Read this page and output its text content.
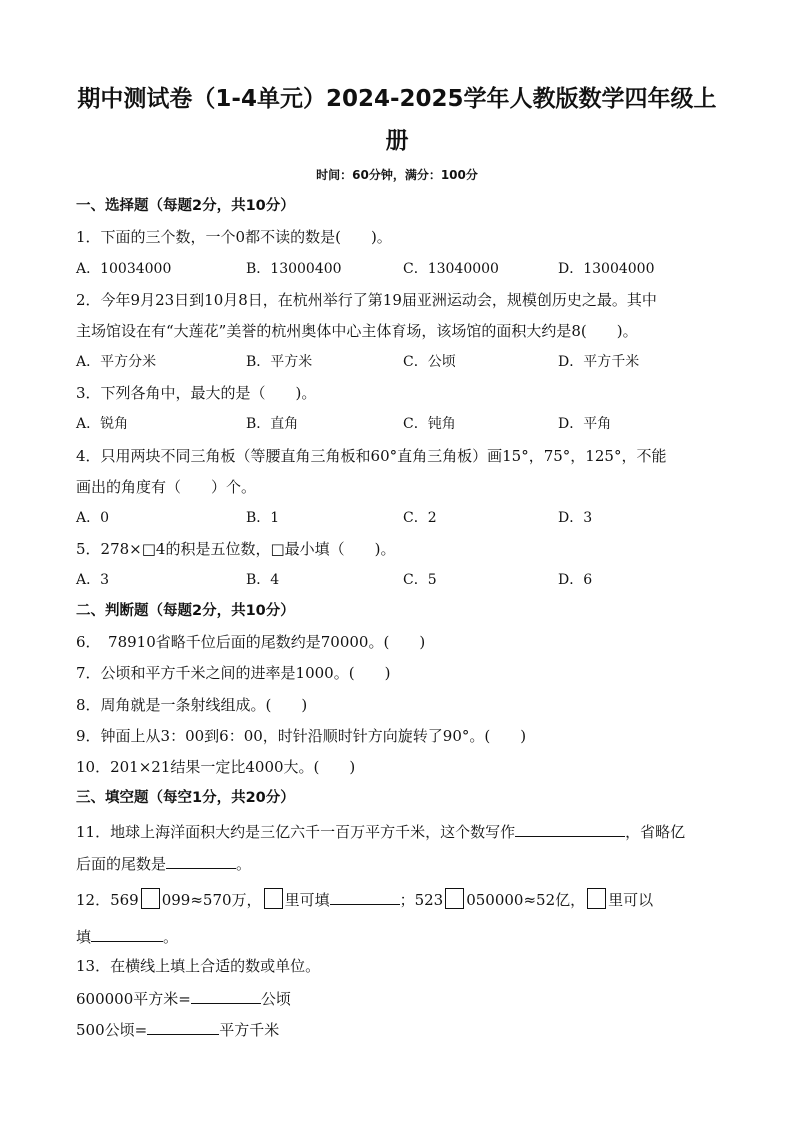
期中测试卷（1-4单元）2024-2025学年人教版数学四年级上
册
时间：60分钟，满分：100分
一、选择题（每题2分，共10分）
1．下面的三个数，一个0都不读的数是(　　)。
A．10034000	B．13000400	C．13040000	D．13004000
2．今年9月23日到10月8日，在杭州举行了第19届亚洲运动会，规模创历史之最。其中
主场馆设在有“大莲花”美誉的杭州奥体中心主体育场，该场馆的面积大约是8(　　)。
A．平方分米	B．平方米	C．公顷	D．平方千米
3．下列各角中，最大的是（　　)。
A．锐角	B．直角	C．钝角	D．平角
4．只用两块不同三角板（等腰直角三角板和60°直角三角板）画15°，75°，125°，不能
画出的角度有（　　）个。
A．0	B．1	C．2	D．3
5．278×□4的积是五位数，□最小填（　　)。
A．3	B．4	C．5	D．6
二、判断题（每题2分，共10分）
6．　78910省略千位后面的尾数约是70000。(　　)
7．公顷和平方千米之间的进率是1000。(　　)
8．周角就是一条射线组成。(　　)
9．钟面上从3：00到6：00，时针沿顺时针方向旋转了90°。(　　)
10．201×21结果一定比4000大。(　　)
三、填空题（每空1分，共20分）
11．地球上海洋面积大约是三亿六千一百万平方千米，这个数写作	，省略亿
后面的尾数是	。
12．569 099≈570万， 里可填	；523 050000≈52亿， 里可以
填	。
13．在横线上填上合适的数或单位。
600000平方米=	公顷
500公顷=	平方千米
